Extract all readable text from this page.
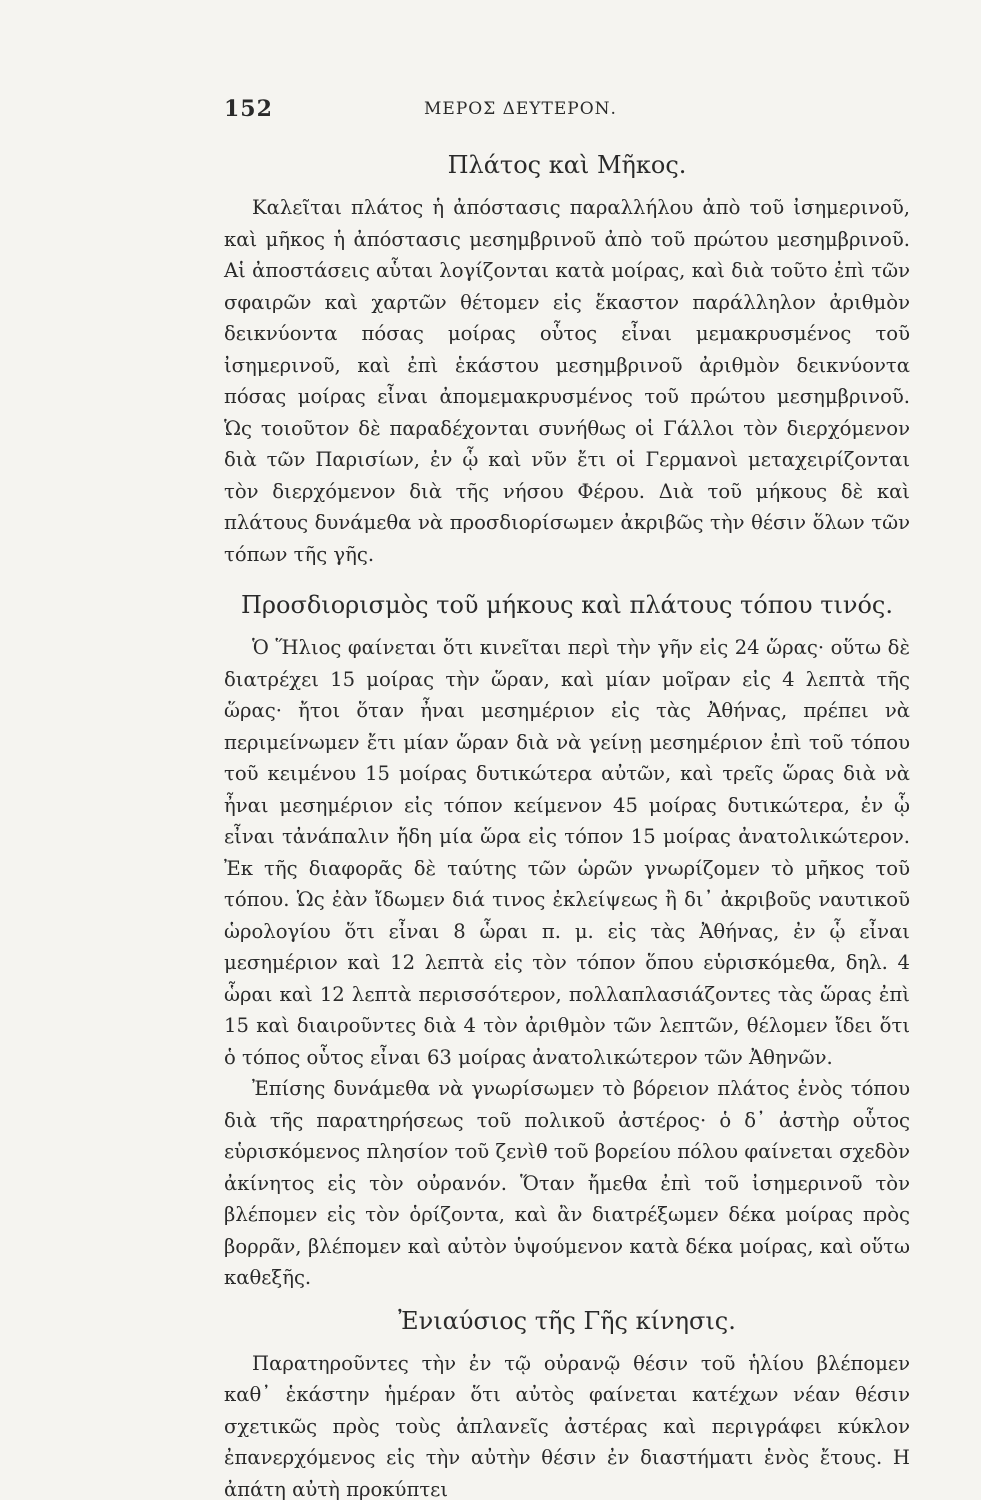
152	ΜΕΡΟΣ ΔΕΥΤΕΡΟΝ.
Πλάτος καὶ Μῆκος.

Καλεῖται πλάτος ἡ ἀπόστασις παραλλήλου ἀπὸ τοῦ ἰσημερινοῦ, καὶ μῆκος ἡ ἀπόστασις μεσημβρινοῦ ἀπὸ τοῦ πρώτου μεσημβρινοῦ. Αἱ ἀποστάσεις αὗται λογίζονται κατὰ μοίρας, καὶ διὰ τοῦτο ἐπὶ τῶν σφαιρῶν καὶ χαρτῶν θέτομεν εἰς ἕκαστον παράλληλον ἀριθμὸν δεικνύοντα πόσας μοίρας οὗτος εἶναι μεμακρυσμένος τοῦ ἰσημερινοῦ, καὶ ἐπὶ ἑκάστου μεσημβρινοῦ ἀριθμὸν δεικνύοντα πόσας μοίρας εἶναι ἀπομεμακρυσμένος τοῦ πρώτου μεσημβρινοῦ. Ὡς τοιοῦτον δὲ παραδέχονται συνήθως οἱ Γάλλοι τὸν διερχόμενον διὰ τῶν Παρισίων, ἐν ᾧ καὶ νῦν ἔτι οἱ Γερμανοὶ μεταχειρίζονται τὸν διερχόμενον διὰ τῆς νήσου Φέρου. Διὰ τοῦ μήκους δὲ καὶ πλάτους δυνάμεθα νὰ προσδιορίσωμεν ἀκριβῶς τὴν θέσιν ὅλων τῶν τόπων τῆς γῆς.

Προσδιορισμὸς τοῦ μήκους καὶ πλάτους τόπου τινός.

Ὁ Ἥλιος φαίνεται ὅτι κινεῖται περὶ τὴν γῆν εἰς 24 ὥρας· οὕτω δὲ διατρέχει 15 μοίρας τὴν ὥραν, καὶ μίαν μοῖραν εἰς 4 λεπτὰ τῆς ὥρας· ἤτοι ὅταν ἦναι μεσημέριον εἰς τὰς Ἀθήνας, πρέπει νὰ περιμείνωμεν ἔτι μίαν ὥραν διὰ νὰ γείνῃ μεσημέριον ἐπὶ τοῦ τόπου τοῦ κειμένου 15 μοίρας δυτικώτερα αὐτῶν, καὶ τρεῖς ὥρας διὰ νὰ ἦναι μεσημέριον εἰς τόπον κείμενον 45 μοίρας δυτικώτερα, ἐν ᾧ εἶναι τἀνάπαλιν ἤδη μία ὥρα εἰς τόπον 15 μοίρας ἀνατολικώτερον. Ἐκ τῆς διαφορᾶς δὲ ταύτης τῶν ὡρῶν γνωρίζομεν τὸ μῆκος τοῦ τόπου. Ὡς ἐὰν ἴδωμεν διά τινος ἐκλείψεως ἢ δι᾽ ἀκριβοῦς ναυτικοῦ ὡρολογίου ὅτι εἶναι 8 ὧραι π. μ. εἰς τὰς Ἀθήνας, ἐν ᾧ εἶναι μεσημέριον καὶ 12 λεπτὰ εἰς τὸν τόπον ὅπου εὑρισκόμεθα, δηλ. 4 ὧραι καὶ 12 λεπτὰ περισσότερον, πολλαπλασιάζοντες τὰς ὥρας ἐπὶ 15 καὶ διαιροῦντες διὰ 4 τὸν ἀριθμὸν τῶν λεπτῶν, θέλομεν ἴδει ὅτι ὁ τόπος οὗτος εἶναι 63 μοίρας ἀνατολικώτερον τῶν Ἀθηνῶν.

Ἐπίσης δυνάμεθα νὰ γνωρίσωμεν τὸ βόρειον πλάτος ἑνὸς τόπου διὰ τῆς παρατηρήσεως τοῦ πολικοῦ ἀστέρος· ὁ δ᾽ ἀστὴρ οὗτος εὑρισκόμενος πλησίον τοῦ ζενὶθ τοῦ βορείου πόλου φαίνεται σχεδὸν ἀκίνητος εἰς τὸν οὐρανόν. Ὅταν ἤμεθα ἐπὶ τοῦ ἰσημερινοῦ τὸν βλέπομεν εἰς τὸν ὁρίζοντα, καὶ ἂν διατρέξωμεν δέκα μοίρας πρὸς βορρᾶν, βλέπομεν καὶ αὐτὸν ὑψούμενον κατὰ δέκα μοίρας, καὶ οὕτω καθεξῆς.

Ἐνιαύσιος τῆς Γῆς κίνησις.

Παρατηροῦντες τὴν ἐν τῷ οὐρανῷ θέσιν τοῦ ἡλίου βλέπομεν καθ᾽ ἑκάστην ἡμέραν ὅτι αὐτὸς φαίνεται κατέχων νέαν θέσιν σχετικῶς πρὸς τοὺς ἀπλανεῖς ἀστέρας καὶ περιγράφει κύκλον ἐπανερχόμενος εἰς τὴν αὐτὴν θέσιν ἐν διαστήματι ἑνὸς ἔτους. Η ἀπάτη αὐτὴ προκύπτει
